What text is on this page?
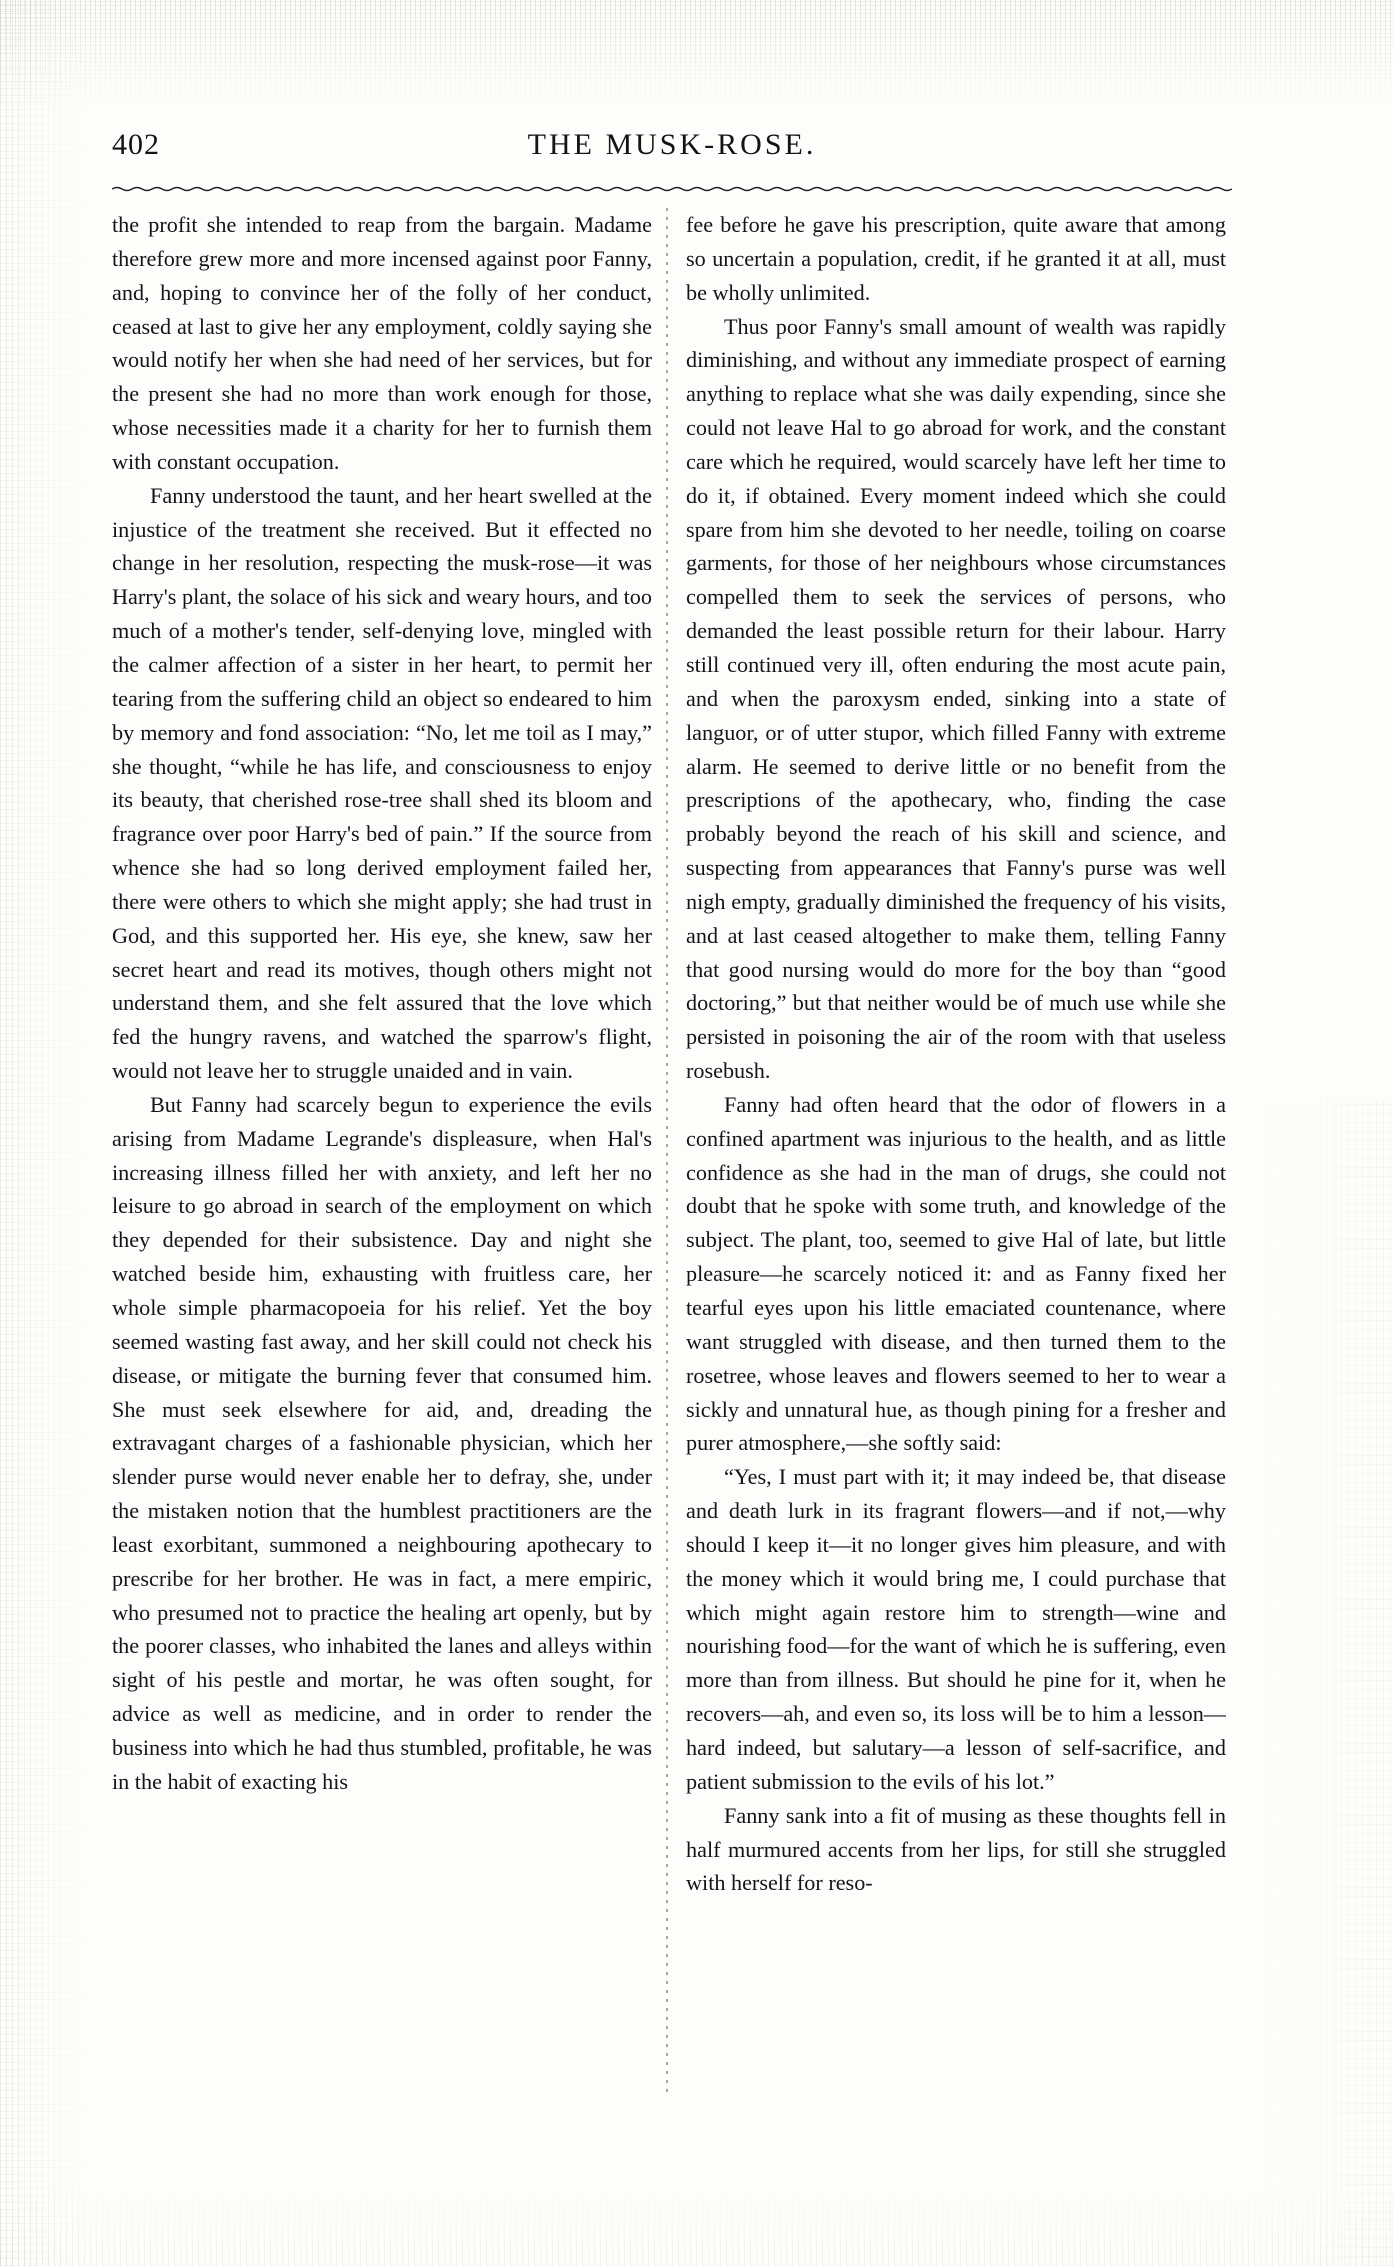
402	THE MUSK-ROSE.

the profit she intended to reap from the bargain. Madame therefore grew more and more incensed against poor Fanny, and, hoping to convince her of the folly of her conduct, ceased at last to give her any employment, coldly saying she would notify her when she had need of her services, but for the present she had no more than work enough for those, whose necessities made it a charity for her to furnish them with constant occupation.

Fanny understood the taunt, and her heart swelled at the injustice of the treatment she received. But it effected no change in her resolution, respecting the musk-rose—it was Harry's plant, the solace of his sick and weary hours, and too much of a mother's tender, self-denying love, mingled with the calmer affection of a sister in her heart, to permit her tearing from the suffering child an object so endeared to him by memory and fond association: “No, let me toil as I may,” she thought, “while he has life, and consciousness to enjoy its beauty, that cherished rose-tree shall shed its bloom and fragrance over poor Harry's bed of pain.” If the source from whence she had so long derived employment failed her, there were others to which she might apply; she had trust in God, and this supported her. His eye, she knew, saw her secret heart and read its motives, though others might not understand them, and she felt assured that the love which fed the hungry ravens, and watched the sparrow's flight, would not leave her to struggle unaided and in vain.

But Fanny had scarcely begun to experience the evils arising from Madame Legrande's displeasure, when Hal's increasing illness filled her with anxiety, and left her no leisure to go abroad in search of the employment on which they depended for their subsistence. Day and night she watched beside him, exhausting with fruitless care, her whole simple pharmacopoeia for his relief. Yet the boy seemed wasting fast away, and her skill could not check his disease, or mitigate the burning fever that consumed him. She must seek elsewhere for aid, and, dreading the extravagant charges of a fashionable physician, which her slender purse would never enable her to defray, she, under the mistaken notion that the humblest practitioners are the least exorbitant, summoned a neighbouring apothecary to prescribe for her brother. He was in fact, a mere empiric, who presumed not to practice the healing art openly, but by the poorer classes, who inhabited the lanes and alleys within sight of his pestle and mortar, he was often sought, for advice as well as medicine, and in order to render the business into which he had thus stumbled, profitable, he was in the habit of exacting his

fee before he gave his prescription, quite aware that among so uncertain a population, credit, if he granted it at all, must be wholly unlimited.

Thus poor Fanny's small amount of wealth was rapidly diminishing, and without any immediate prospect of earning anything to replace what she was daily expending, since she could not leave Hal to go abroad for work, and the constant care which he required, would scarcely have left her time to do it, if obtained. Every moment indeed which she could spare from him she devoted to her needle, toiling on coarse garments, for those of her neighbours whose circumstances compelled them to seek the services of persons, who demanded the least possible return for their labour. Harry still continued very ill, often enduring the most acute pain, and when the paroxysm ended, sinking into a state of languor, or of utter stupor, which filled Fanny with extreme alarm. He seemed to derive little or no benefit from the prescriptions of the apothecary, who, finding the case probably beyond the reach of his skill and science, and suspecting from appearances that Fanny's purse was well nigh empty, gradually diminished the frequency of his visits, and at last ceased altogether to make them, telling Fanny that good nursing would do more for the boy than “good doctoring,” but that neither would be of much use while she persisted in poisoning the air of the room with that useless rosebush.

Fanny had often heard that the odor of flowers in a confined apartment was injurious to the health, and as little confidence as she had in the man of drugs, she could not doubt that he spoke with some truth, and knowledge of the subject. The plant, too, seemed to give Hal of late, but little pleasure—he scarcely noticed it: and as Fanny fixed her tearful eyes upon his little emaciated countenance, where want struggled with disease, and then turned them to the rosetree, whose leaves and flowers seemed to her to wear a sickly and unnatural hue, as though pining for a fresher and purer atmosphere,—she softly said:

“Yes, I must part with it; it may indeed be, that disease and death lurk in its fragrant flowers—and if not,—why should I keep it—it no longer gives him pleasure, and with the money which it would bring me, I could purchase that which might again restore him to strength—wine and nourishing food—for the want of which he is suffering, even more than from illness. But should he pine for it, when he recovers—ah, and even so, its loss will be to him a lesson—hard indeed, but salutary—a lesson of self-sacrifice, and patient submission to the evils of his lot.”

Fanny sank into a fit of musing as these thoughts fell in half murmured accents from her lips, for still she struggled with herself for reso-
